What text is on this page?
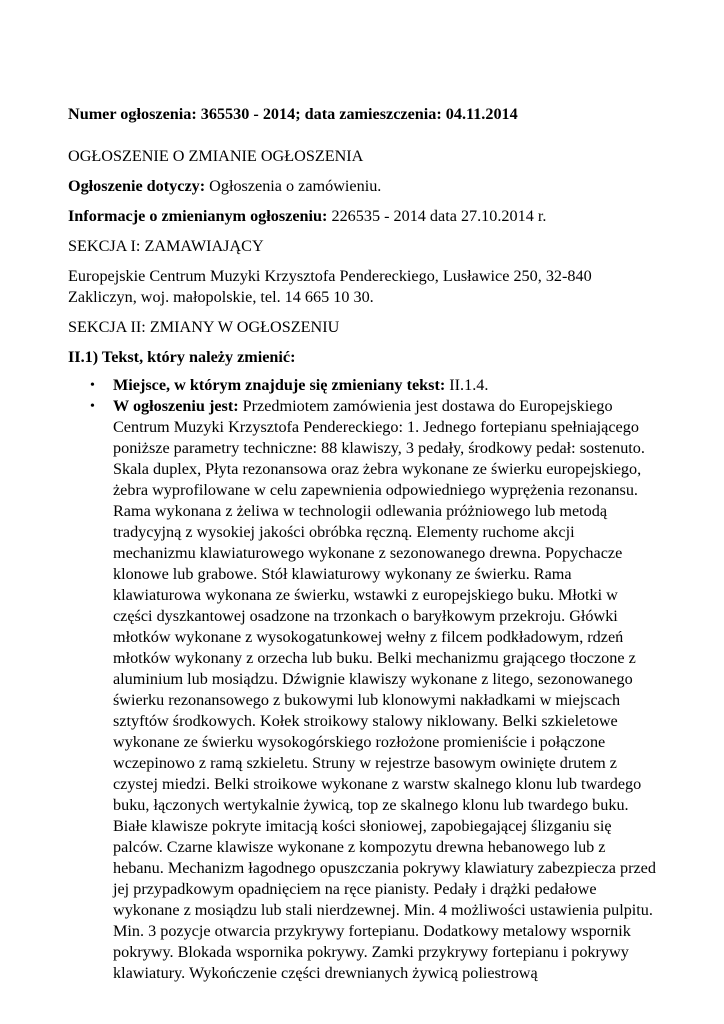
Numer ogłoszenia: 365530 - 2014; data zamieszczenia: 04.11.2014

OGŁOSZENIE O ZMIANIE OGŁOSZENIA

Ogłoszenie dotyczy: Ogłoszenia o zamówieniu.

Informacje o zmienianym ogłoszeniu: 226535 - 2014 data 27.10.2014 r.

SEKCJA I: ZAMAWIAJĄCY

Europejskie Centrum Muzyki Krzysztofa Pendereckiego, Lusławice 250, 32-840 Zakliczyn, woj. małopolskie, tel. 14 665 10 30.

SEKCJA II: ZMIANY W OGŁOSZENIU

II.1) Tekst, który należy zmienić:

• Miejsce, w którym znajduje się zmieniany tekst: II.1.4.
• W ogłoszeniu jest: Przedmiotem zamówienia jest dostawa do Europejskiego Centrum Muzyki Krzysztofa Pendereckiego: 1. Jednego fortepianu spełniającego poniższe parametry techniczne: 88 klawiszy, 3 pedały, środkowy pedał: sostenuto. Skala duplex, Płyta rezonansowa oraz żebra wykonane ze świerku europejskiego, żebra wyprofilowane w celu zapewnienia odpowiedniego wyprężenia rezonansu. Rama wykonana z żeliwa w technologii odlewania próżniowego lub metodą tradycyjną z wysokiej jakości obróbka ręczną. Elementy ruchome akcji mechanizmu klawiaturowego wykonane z sezonowanego drewna. Popychacze klonowe lub grabowe. Stół klawiaturowy wykonany ze świerku. Rama klawiaturowa wykonana ze świerku, wstawki z europejskiego buku. Młotki w części dyszkantowej osadzone na trzonkach o baryłkowym przekroju. Główki młotków wykonane z wysokogatunkowej wełny z filcem podkładowym, rdzeń młotków wykonany z orzecha lub buku. Belki mechanizmu grającego tłoczone z aluminium lub mosiądzu. Dźwignie klawiszy wykonane z litego, sezonowanego świerku rezonansowego z bukowymi lub klonowymi nakładkami w miejscach sztyftów środkowych. Kołek stroikowy stalowy niklowany. Belki szkieletowe wykonane ze świerku wysokogórskiego rozłożone promieniście i połączone wczepinowo z ramą szkieletu. Struny w rejestrze basowym owinięte drutem z czystej miedzi. Belki stroikowe wykonane z warstw skalnego klonu lub twardego buku, łączonych wertykalnie żywicą, top ze skalnego klonu lub twardego buku. Białe klawisze pokryte imitacją kości słoniowej, zapobiegającej ślizganiu się palców. Czarne klawisze wykonane z kompozytu drewna hebanowego lub z hebanu. Mechanizm łagodnego opuszczania pokrywy klawiatury zabezpiecza przed jej przypadkowym opadnięciem na ręce pianisty. Pedały i drążki pedałowe wykonane z mosiądzu lub stali nierdzewnej. Min. 4 możliwości ustawienia pulpitu. Min. 3 pozycje otwarcia przykrywy fortepianu. Dodatkowy metalowy wspornik pokrywy. Blokada wspornika pokrywy. Zamki przykrywy fortepianu i pokrywy klawiatury. Wykończenie części drewnianych żywicą poliestrową
